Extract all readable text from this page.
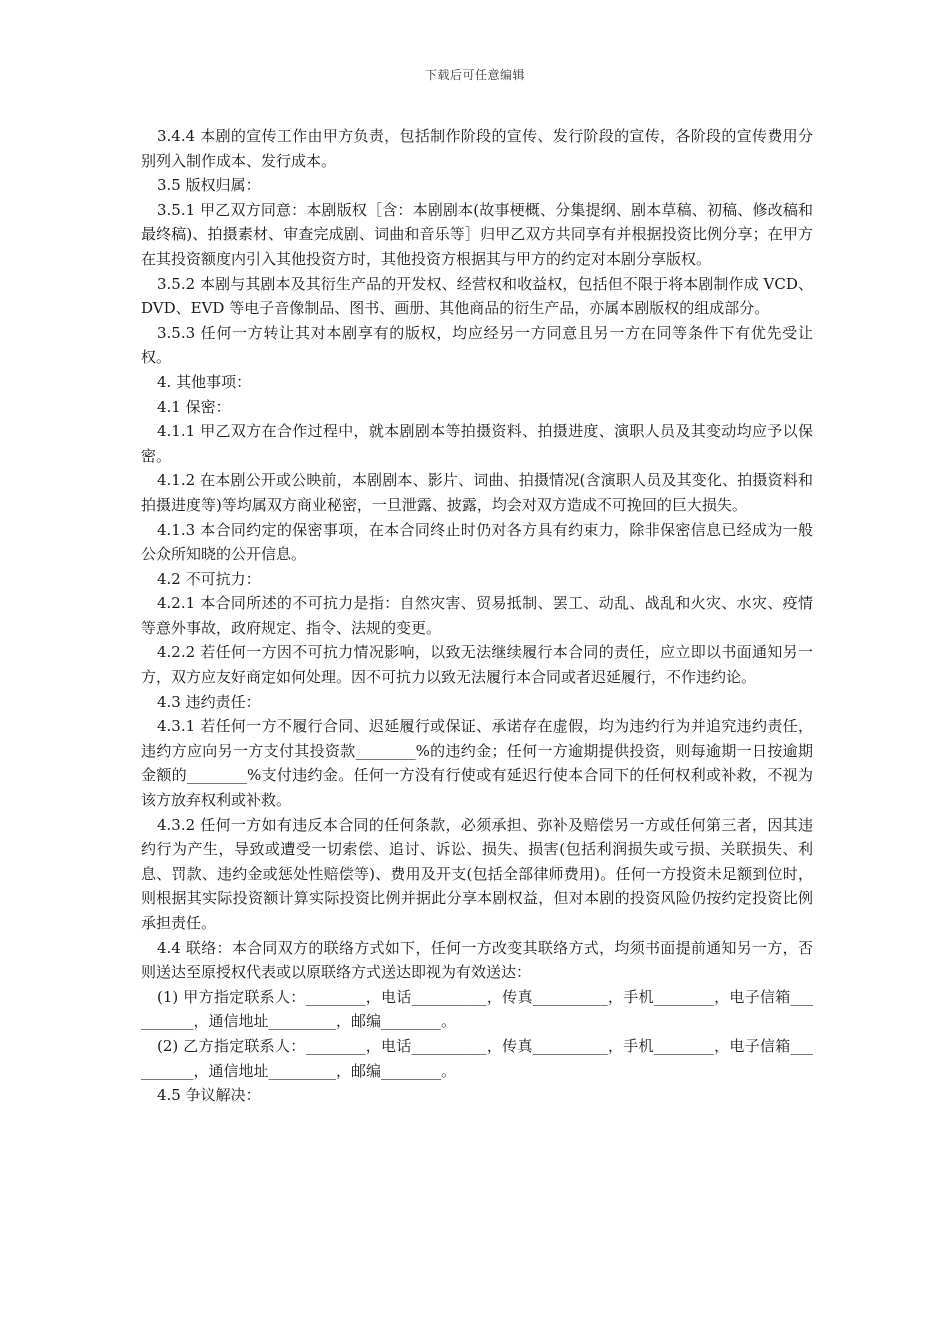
下载后可任意编辑

3.4.4 本剧的宣传工作由甲方负责，包括制作阶段的宣传、发行阶段的宣传，各阶段的宣传费用分别列入制作成本、发行成本。

3.5 版权归属：

3.5.1 甲乙双方同意：本剧版权［含：本剧剧本(故事梗概、分集提纲、剧本草稿、初稿、修改稿和最终稿)、拍摄素材、审查完成剧、词曲和音乐等］归甲乙双方共同享有并根据投资比例分享；在甲方在其投资额度内引入其他投资方时，其他投资方根据其与甲方的约定对本剧分享版权。

3.5.2 本剧与其剧本及其衍生产品的开发权、经营权和收益权，包括但不限于将本剧制作成 VCD、DVD、EVD 等电子音像制品、图书、画册、其他商品的衍生产品，亦属本剧版权的组成部分。

3.5.3 任何一方转让其对本剧享有的版权，均应经另一方同意且另一方在同等条件下有优先受让权。

4. 其他事项：

4.1 保密：

4.1.1 甲乙双方在合作过程中，就本剧剧本等拍摄资料、拍摄进度、演职人员及其变动均应予以保密。

4.1.2 在本剧公开或公映前，本剧剧本、影片、词曲、拍摄情况(含演职人员及其变化、拍摄资料和拍摄进度等)等均属双方商业秘密，一旦泄露、披露，均会对双方造成不可挽回的巨大损失。

4.1.3 本合同约定的保密事项，在本合同终止时仍对各方具有约束力，除非保密信息已经成为一般公众所知晓的公开信息。

4.2 不可抗力：

4.2.1 本合同所述的不可抗力是指：自然灾害、贸易抵制、罢工、动乱、战乱和火灾、水灾、疫情等意外事故，政府规定、指令、法规的变更。

4.2.2 若任何一方因不可抗力情况影响，以致无法继续履行本合同的责任，应立即以书面通知另一方，双方应友好商定如何处理。因不可抗力以致无法履行本合同或者迟延履行，不作违约论。

4.3 违约责任：

4.3.1 若任何一方不履行合同、迟延履行或保证、承诺存在虚假，均为违约行为并追究违约责任，违约方应向另一方支付其投资款________%的违约金；任何一方逾期提供投资，则每逾期一日按逾期金额的________%支付违约金。任何一方没有行使或有延迟行使本合同下的任何权利或补救，不视为该方放弃权利或补救。

4.3.2 任何一方如有违反本合同的任何条款，必须承担、弥补及赔偿另一方或任何第三者，因其违约行为产生，导致或遭受一切索偿、追讨、诉讼、损失、损害(包括利润损失或亏损、关联损失、利息、罚款、违约金或惩处性赔偿等)、费用及开支(包括全部律师费用)。任何一方投资未足额到位时，则根据其实际投资额计算实际投资比例并据此分享本剧权益，但对本剧的投资风险仍按约定投资比例承担责任。

4.4 联络：本合同双方的联络方式如下，任何一方改变其联络方式，均须书面提前通知另一方，否则送达至原授权代表或以原联络方式送达即视为有效送达：

(1) 甲方指定联系人：________，电话__________，传真__________，手机________，电子信箱__________，通信地址_________，邮编________。

(2) 乙方指定联系人：________，电话__________，传真__________，手机________，电子信箱__________，通信地址_________，邮编________。

4.5 争议解决：
